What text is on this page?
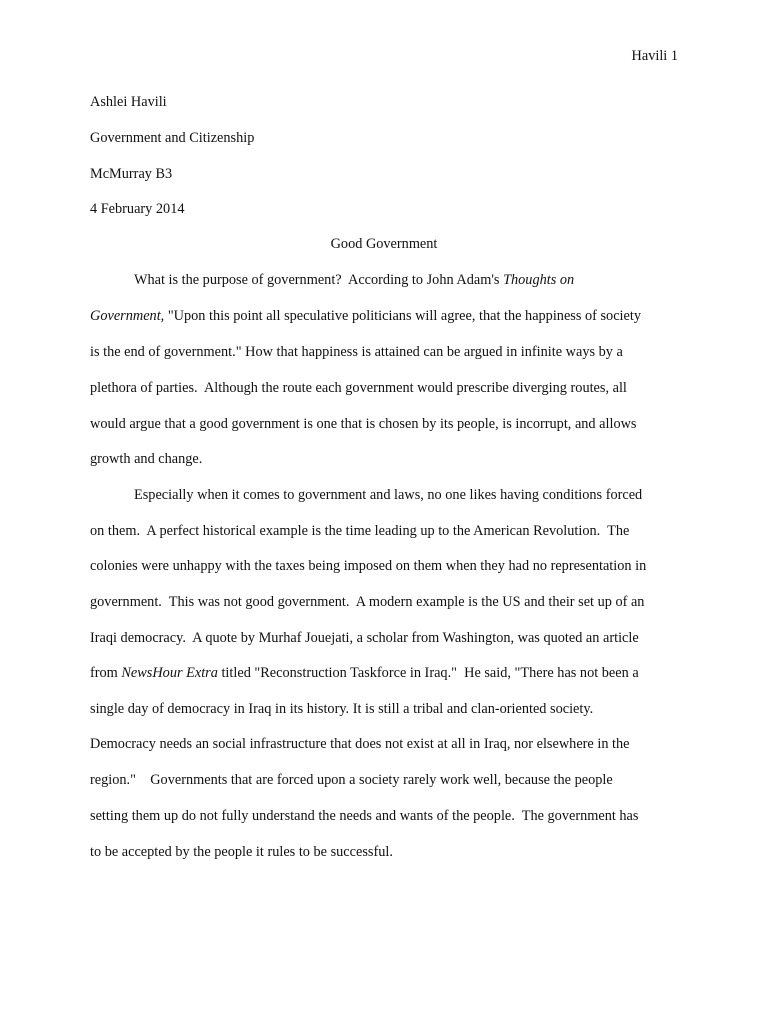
Havili 1
Ashlei Havili
Government and Citizenship
McMurray B3
4 February 2014
Good Government
What is the purpose of government?  According to John Adam's Thoughts on
Government, "Upon this point all speculative politicians will agree, that the happiness of society
is the end of government." How that happiness is attained can be argued in infinite ways by a
plethora of parties.  Although the route each government would prescribe diverging routes, all
would argue that a good government is one that is chosen by its people, is incorrupt, and allows
growth and change.
Especially when it comes to government and laws, no one likes having conditions forced
on them.  A perfect historical example is the time leading up to the American Revolution.  The
colonies were unhappy with the taxes being imposed on them when they had no representation in
government.  This was not good government.  A modern example is the US and their set up of an
Iraqi democracy.  A quote by Murhaf Jouejati, a scholar from Washington, was quoted an article
from NewsHour Extra titled "Reconstruction Taskforce in Iraq."  He said, "There has not been a
single day of democracy in Iraq in its history. It is still a tribal and clan-oriented society.
Democracy needs an social infrastructure that does not exist at all in Iraq, nor elsewhere in the
region."    Governments that are forced upon a society rarely work well, because the people
setting them up do not fully understand the needs and wants of the people.  The government has
to be accepted by the people it rules to be successful.
